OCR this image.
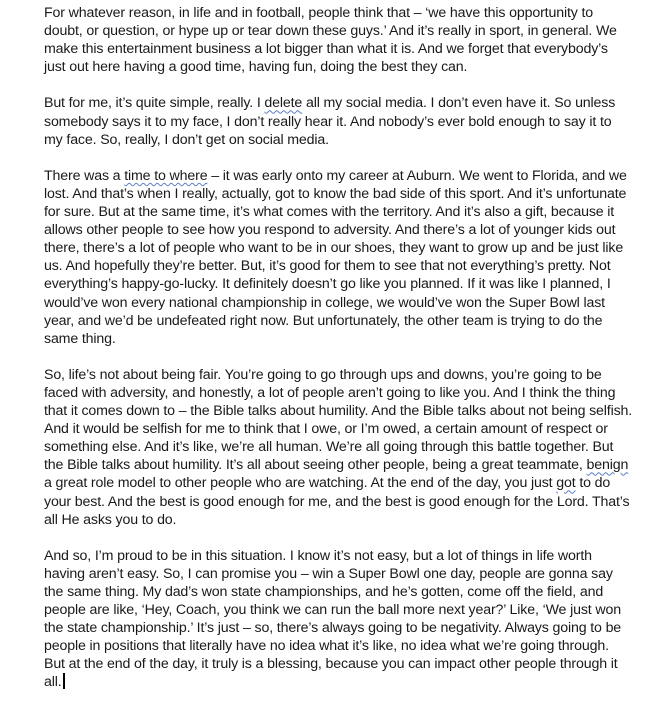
For whatever reason, in life and in football, people think that – ‘we have this opportunity to
doubt, or question, or hype up or tear down these guys.’ And it’s really in sport, in general. We
make this entertainment business a lot bigger than what it is. And we forget that everybody’s
just out here having a good time, having fun, doing the best they can.

But for me, it’s quite simple, really. I delete all my social media. I don’t even have it. So unless
somebody says it to my face, I don’t really hear it. And nobody’s ever bold enough to say it to
my face. So, really, I don’t get on social media.

There was a time to where – it was early onto my career at Auburn. We went to Florida, and we
lost. And that’s when I really, actually, got to know the bad side of this sport. And it’s unfortunate
for sure. But at the same time, it’s what comes with the territory. And it’s also a gift, because it
allows other people to see how you respond to adversity. And there’s a lot of younger kids out
there, there’s a lot of people who want to be in our shoes, they want to grow up and be just like
us. And hopefully they’re better. But, it’s good for them to see that not everything’s pretty. Not
everything’s happy-go-lucky. It definitely doesn’t go like you planned. If it was like I planned, I
would’ve won every national championship in college, we would’ve won the Super Bowl last
year, and we’d be undefeated right now. But unfortunately, the other team is trying to do the
same thing.

So, life’s not about being fair. You’re going to go through ups and downs, you’re going to be
faced with adversity, and honestly, a lot of people aren’t going to like you. And I think the thing
that it comes down to – the Bible talks about humility. And the Bible talks about not being selfish.
And it would be selfish for me to think that I owe, or I’m owed, a certain amount of respect or
something else. And it’s like, we’re all human. We’re all going through this battle together. But
the Bible talks about humility. It’s all about seeing other people, being a great teammate, benign
a great role model to other people who are watching. At the end of the day, you just got to do
your best. And the best is good enough for me, and the best is good enough for the Lord. That’s
all He asks you to do.

And so, I’m proud to be in this situation. I know it’s not easy, but a lot of things in life worth
having aren’t easy. So, I can promise you – win a Super Bowl one day, people are gonna say
the same thing. My dad’s won state championships, and he’s gotten, come off the field, and
people are like, ‘Hey, Coach, you think we can run the ball more next year?’ Like, ‘We just won
the state championship.’ It’s just – so, there’s always going to be negativity. Always going to be
people in positions that literally have no idea what it’s like, no idea what we’re going through.
But at the end of the day, it truly is a blessing, because you can impact other people through it
all.
